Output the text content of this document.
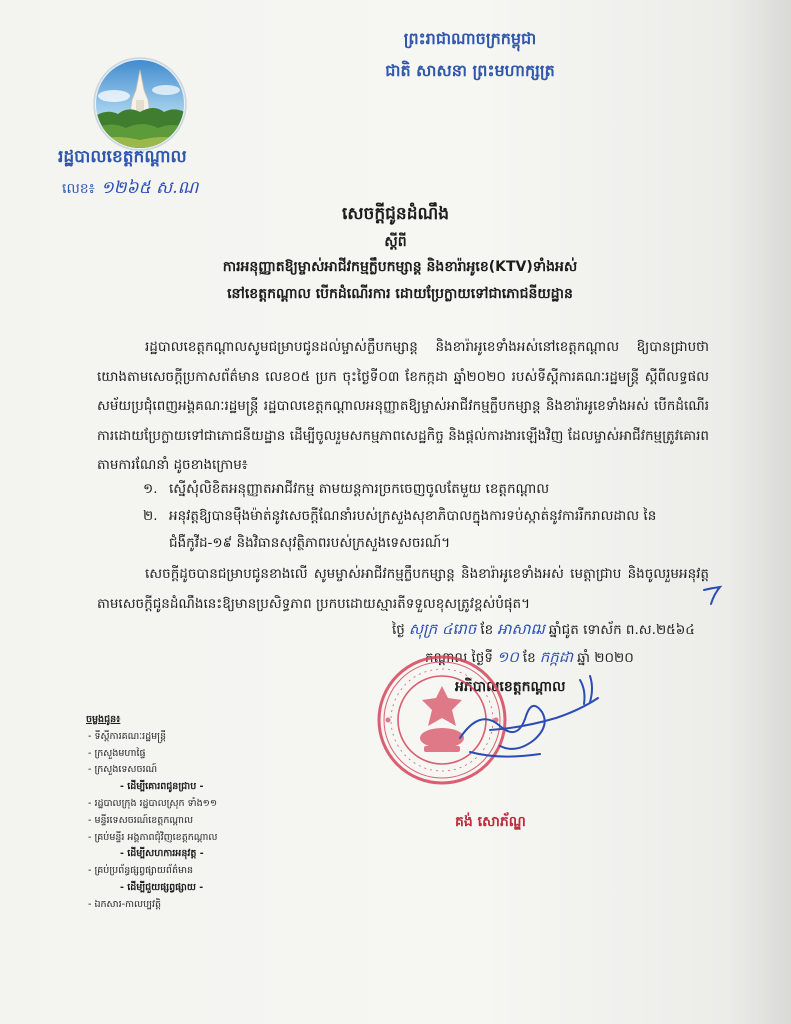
ព្រះរាជាណាចក្រកម្ពុជា
ជាតិ សាសនា ព្រះមហាក្សត្រ
រដ្ឋបាលខេត្តកណ្ដាល
លេខ៖ ១២៦៥ ស.ណ
សេចក្ដីជូនដំណឹង
ស្ដីពី
ការអនុញ្ញាតឱ្យម្ចាស់អាជីវកម្មក្លឹបកម្សាន្ត និងខារ៉ាអូខេ(KTV)ទាំងអស់
នៅខេត្តកណ្ដាល បើកដំណើរការ ដោយប្រែក្លាយទៅជាភោជនីយដ្ឋាន
រដ្ឋបាលខេត្តកណ្ដាលសូមជម្រាបជូនដល់ម្ចាស់ក្លឹបកម្សាន្ត និងខារ៉ាអូខេទាំងអស់នៅខេត្តកណ្ដាល ឱ្យបានជ្រាបថា យោងតាមសេចក្ដីប្រកាសព័ត៌មាន លេខ០៥ ប្រក ចុះថ្ងៃទី០៣ ខែកក្កដា ឆ្នាំ២០២០ របស់ទីស្ដីការគណៈរដ្ឋមន្ត្រី ស្ដីពីលទ្ធផលសម័យប្រជុំពេញអង្គគណៈរដ្ឋមន្ត្រី រដ្ឋបាលខេត្តកណ្ដាលអនុញ្ញាតឱ្យម្ចាស់អាជីវកម្មក្លឹបកម្សាន្ត និងខារ៉ាអូខេទាំងអស់ បើកដំណើរការដោយប្រែក្លាយទៅជាភោជនីយដ្ឋាន ដើម្បីចូលរួមសកម្មភាពសេដ្ឋកិច្ច និងផ្ដល់ការងារឡើងវិញ ដែលម្ចាស់អាជីវកម្មត្រូវគោរពតាមការណែនាំ ដូចខាងក្រោម៖
១. ស្នើសុំលិខិតអនុញ្ញាតអាជីវកម្ម តាមយន្តការច្រកចេញចូលតែមួយ ខេត្តកណ្ដាល
២. អនុវត្តឱ្យបានម៉ឺងម៉ាត់នូវសេចក្ដីណែនាំរបស់ក្រសួងសុខាភិបាលក្នុងការទប់ស្កាត់នូវការរីករាលដាល នៃជំងឺកូវីដ-១៩ និងវិធានសុវត្ថិភាពរបស់ក្រសួងទេសចរណ៍។
សេចក្ដីដូចបានជម្រាបជូនខាងលើ សូមម្ចាស់អាជីវកម្មក្លឹបកម្សាន្ត និងខារ៉ាអូខេទាំងអស់ មេត្តាជ្រាប និងចូលរួមអនុវត្តតាមសេចក្ដីជូនដំណឹងនេះឱ្យមានប្រសិទ្ធភាព ប្រកបដោយស្មារតីទទួលខុសត្រូវខ្ពស់បំផុត។
ថ្ងៃ សុក្រ ៤រោច ខែ អាសាឍ ឆ្នាំជូត ទោស័ក ព.ស.២៥៦៤
កណ្ដាល ថ្ងៃទី ១០ ខែ កក្កដា ឆ្នាំ ២០២០
អភិបាលខេត្តកណ្ដាល
គង់ សោភ័ណ្ឌ
ចម្លងជូន៖
- ទីស្ដីការគណៈរដ្ឋមន្ត្រី
- ក្រសួងមហាផ្ទៃ
- ក្រសួងទេសចរណ៍
- ដើម្បីគោរពជូនជ្រាប -
- រដ្ឋបាលក្រុង រដ្ឋបាលស្រុក ទាំង១១
- មន្ទីរទេសចរណ៍ខេត្តកណ្ដាល
- គ្រប់មន្ទីរ អង្គភាពជុំវិញខេត្តកណ្ដាល
- ដើម្បីសហការអនុវត្ត -
- គ្រប់ប្រព័ន្ធផ្សព្វផ្សាយព័ត៌មាន
- ដើម្បីជួយផ្សព្វផ្សាយ -
- ឯកសារ-កាលប្បវត្តិ
